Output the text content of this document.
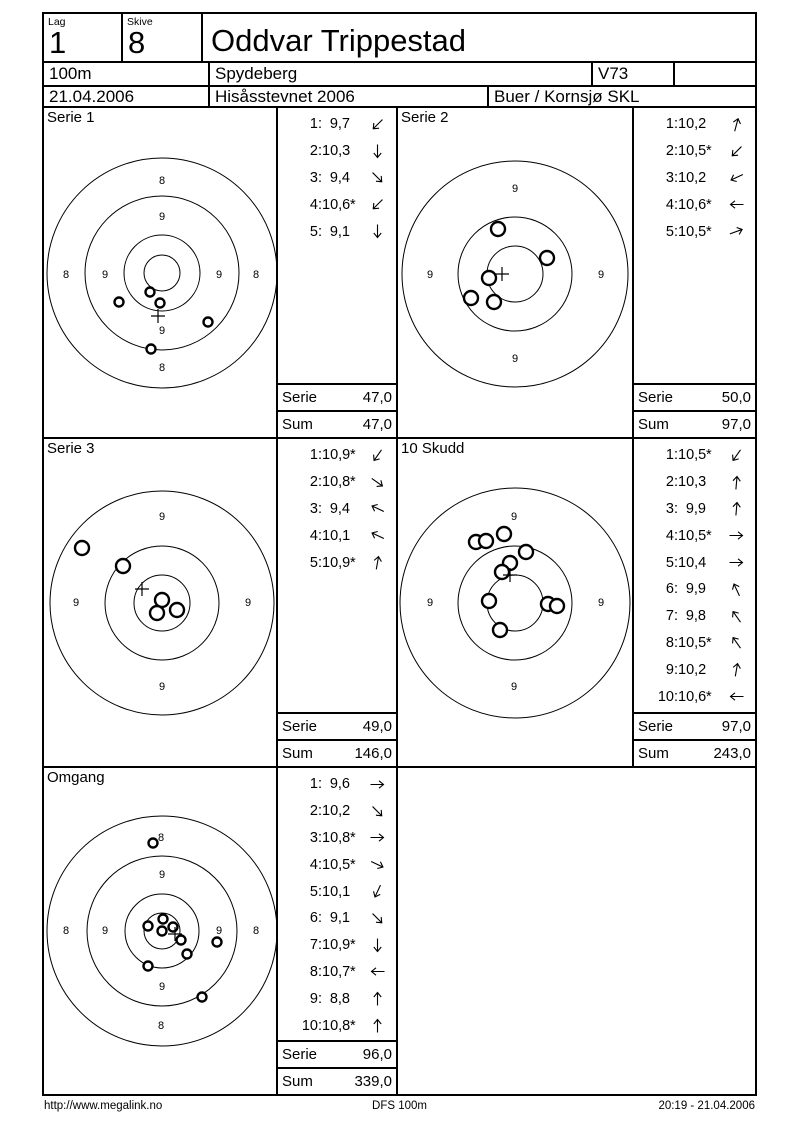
Lag
1
Skive
8 Oddvar Trippestad
100m	Spydeberg	V73
21.04.2006	Hisåsstevnet 2006	Buer / Kornsjø SKL
Serie 1
8
9
8	9	9	8
9
8
1: 9,7
2: 10,3
3: 9,4
4: 10,6 *
5: 9,1
Serie	47,0
Sum	47,0
Serie 2
9
9	9
9
1: 10,2
2: 10,5 *
3: 10,2
4: 10,6 *
5: 10,5 *
Serie	50,0
Sum	97,0
Serie 3
9
9	9
9
1: 10,9 *
2: 10,8 *
3: 9,4
4: 10,1
5: 10,9 *
Serie	49,0
Sum	146,0
10 Skudd
9
9	9
9
1: 10,5 *
2: 10,3
3: 9,9
4: 10,5 *
5: 10,4
6: 9,9
7: 9,8
8: 10,5 *
9: 10,2
10: 10,6 *
Serie	97,0
Sum	243,0
Omgang
8
9
8	9	9	8
9
8
1: 9,6
2: 10,2
3: 10,8 *
4: 10,5 *
5: 10,1
6: 9,1
7: 10,9 *
8: 10,7 *
9: 8,8
10: 10,8 *
Serie	96,0
Sum	339,0
http://www.megalink.no	DFS 100m	20:19 - 21.04.2006
